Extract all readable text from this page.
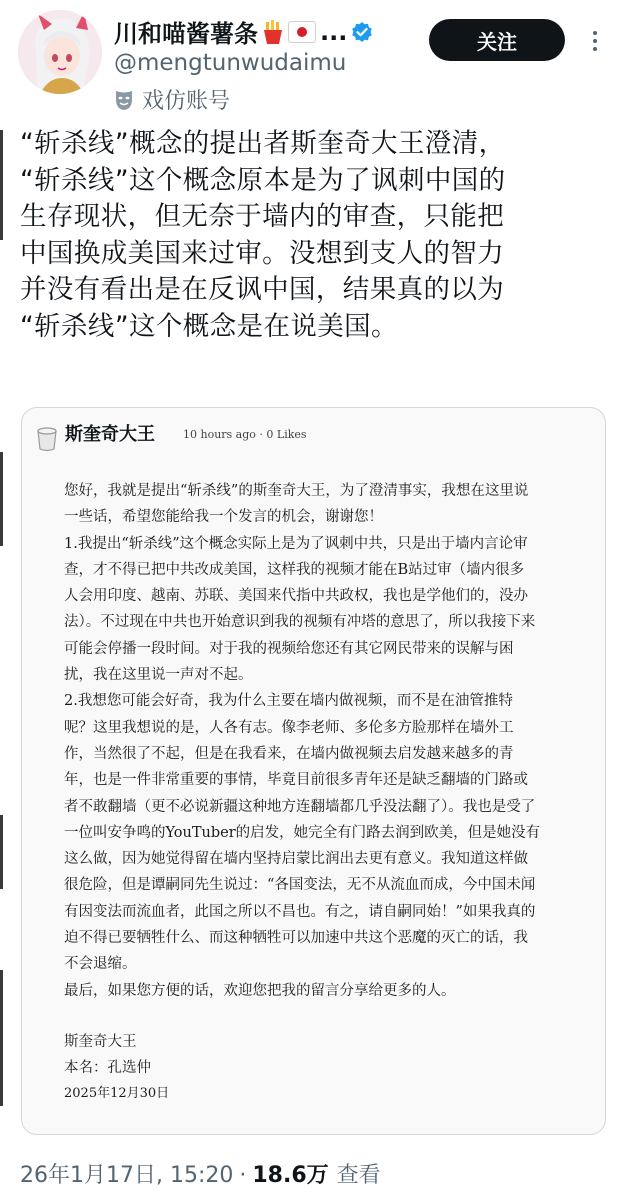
川和喵酱薯条	...
@mengtunwudaimu
戏仿账号
关注
“斩杀线”概念的提出者斯奎奇大王澄清，
“斩杀线”这个概念原本是为了讽刺中国的
生存现状，但无奈于墙内的审查，只能把
中国换成美国来过审。没想到支人的智力
并没有看出是在反讽中国，结果真的以为
“斩杀线”这个概念是在说美国。
斯奎奇大王	10 hours ago · 0 Likes
您好，我就是提出“斩杀线”的斯奎奇大王，为了澄清事实，我想在这里说
一些话，希望您能给我一个发言的机会，谢谢您！
1.我提出“斩杀线”这个概念实际上是为了讽刺中共，只是出于墙内言论审
查，才不得已把中共改成美国，这样我的视频才能在B站过审（墙内很多
人会用印度、越南、苏联、美国来代指中共政权，我也是学他们的，没办
法）。不过现在中共也开始意识到我的视频有冲塔的意思了，所以我接下来
可能会停播一段时间。对于我的视频给您还有其它网民带来的误解与困
扰，我在这里说一声对不起。
2.我想您可能会好奇，我为什么主要在墙内做视频，而不是在油管推特
呢？这里我想说的是，人各有志。像李老师、多伦多方脸那样在墙外工
作，当然很了不起，但是在我看来，在墙内做视频去启发越来越多的青
年，也是一件非常重要的事情，毕竟目前很多青年还是缺乏翻墙的门路或
者不敢翻墙（更不必说新疆这种地方连翻墙都几乎没法翻了）。我也是受了
一位叫安争鸣的YouTuber的启发，她完全有门路去润到欧美，但是她没有
这么做，因为她觉得留在墙内坚持启蒙比润出去更有意义。我知道这样做
很危险，但是谭嗣同先生说过：“各国变法，无不从流血而成，今中国未闻
有因变法而流血者，此国之所以不昌也。有之，请自嗣同始！”如果我真的
迫不得已要牺牲什么、而这种牺牲可以加速中共这个恶魔的灭亡的话，我
不会退缩。
最后，如果您方便的话，欢迎您把我的留言分享给更多的人。
斯奎奇大王
本名：孔选仲
2025年12月30日
26年1月17日, 15:20 · 18.6万 查看
